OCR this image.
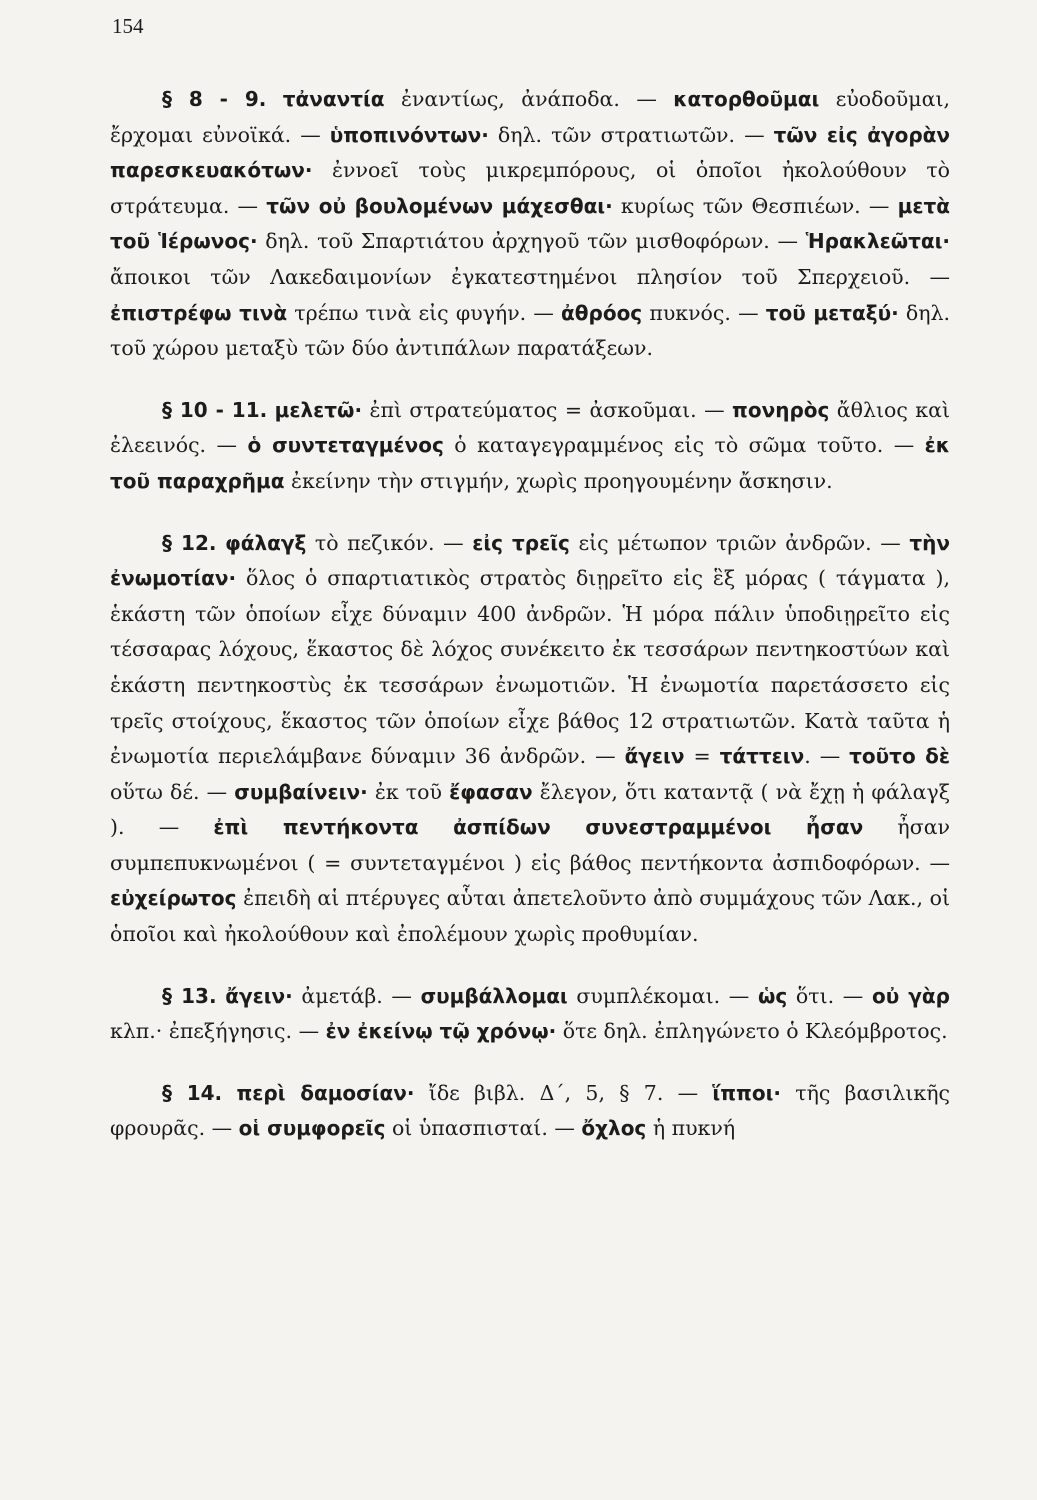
154

§ 8 - 9. τἀναντία ἐναντίως, ἀνάποδα. — κατορθοῦμαι εὐοδοῦμαι, ἔρχομαι εὐνοϊκά. — ὑποπινόντων· δηλ. τῶν στρατιωτῶν. — τῶν εἰς ἀγορὰν παρεσκευακότων· ἐννοεῖ τοὺς μικρεμπόρους, οἱ ὁποῖοι ἠκολούθουν τὸ στράτευμα. — τῶν οὐ βουλομένων μάχεσθαι· κυρίως τῶν Θεσπιέων. — μετὰ τοῦ Ἱέρωνος· δηλ. τοῦ Σπαρτιάτου ἀρχηγοῦ τῶν μισθοφόρων. — Ἡρακλεῶται· ἄποικοι τῶν Λακεδαιμονίων ἐγκατεστημένοι πλησίον τοῦ Σπερχειοῦ. — ἐπιστρέφω τινὰ τρέπω τινὰ εἰς φυγήν. — ἀθρόος πυκνός. — τοῦ μεταξύ· δηλ. τοῦ χώρου μεταξὺ τῶν δύο ἀντιπάλων παρατάξεων.

§ 10 - 11. μελετῶ· ἐπὶ στρατεύματος = ἀσκοῦμαι. — πονηρὸς ἄθλιος καὶ ἐλεεινός. — ὁ συντεταγμένος ὁ καταγεγραμμένος εἰς τὸ σῶμα τοῦτο. — ἐκ τοῦ παραχρῆμα ἐκείνην τὴν στιγμήν, χωρὶς προηγουμένην ἄσκησιν.

§ 12. φάλαγξ τὸ πεζικόν. — εἰς τρεῖς εἰς μέτωπον τριῶν ἀνδρῶν. — τὴν ἐνωμοτίαν· ὅλος ὁ σπαρτιατικὸς στρατὸς διῃρεῖτο εἰς ἓξ μόρας ( τάγματα ), ἑκάστη τῶν ὁποίων εἶχε δύναμιν 400 ἀνδρῶν. Ἡ μόρα πάλιν ὑποδιῃρεῖτο εἰς τέσσαρας λόχους, ἕκαστος δὲ λόχος συνέκειτο ἐκ τεσσάρων πεντηκοστύων καὶ ἑκάστη πεντηκοστὺς ἐκ τεσσάρων ἐνωμοτιῶν. Ἡ ἐνωμοτία παρετάσσετο εἰς τρεῖς στοίχους, ἕκαστος τῶν ὁποίων εἶχε βάθος 12 στρατιωτῶν. Κατὰ ταῦτα ἡ ἐνωμοτία περιελάμβανε δύναμιν 36 ἀνδρῶν. — ἄγειν = τάττειν. — τοῦτο δὲ οὕτω δέ. — συμβαίνειν· ἐκ τοῦ ἔφασαν ἔλεγον, ὅτι καταντᾷ ( νὰ ἔχῃ ἡ φάλαγξ ). — ἐπὶ πεντήκοντα ἀσπίδων συνεστραμμένοι ἦσαν ἦσαν συμπεπυκνωμένοι ( = συντεταγμένοι ) εἰς βάθος πεντήκοντα ἀσπιδοφόρων. — εὐχείρωτος ἐπειδὴ αἱ πτέρυγες αὗται ἀπετελοῦντο ἀπὸ συμμάχους τῶν Λακ., οἱ ὁποῖοι καὶ ἠκολούθουν καὶ ἐπολέμουν χωρὶς προθυμίαν.

§ 13. ἄγειν· ἀμετάβ. — συμβάλλομαι συμπλέκομαι. — ὡς ὅτι. — οὐ γὰρ κλπ.· ἐπεξήγησις. — ἐν ἐκείνῳ τῷ χρόνῳ· ὅτε δηλ. ἐπληγώνετο ὁ Κλεόμβροτος.

§ 14. περὶ δαμοσίαν· ἴδε βιβλ. Δ΄, 5, § 7. — ἵπποι· τῆς βασιλικῆς φρουρᾶς. — οἱ συμφορεῖς οἱ ὑπασπισταί. — ὄχλος ἡ πυκνή
